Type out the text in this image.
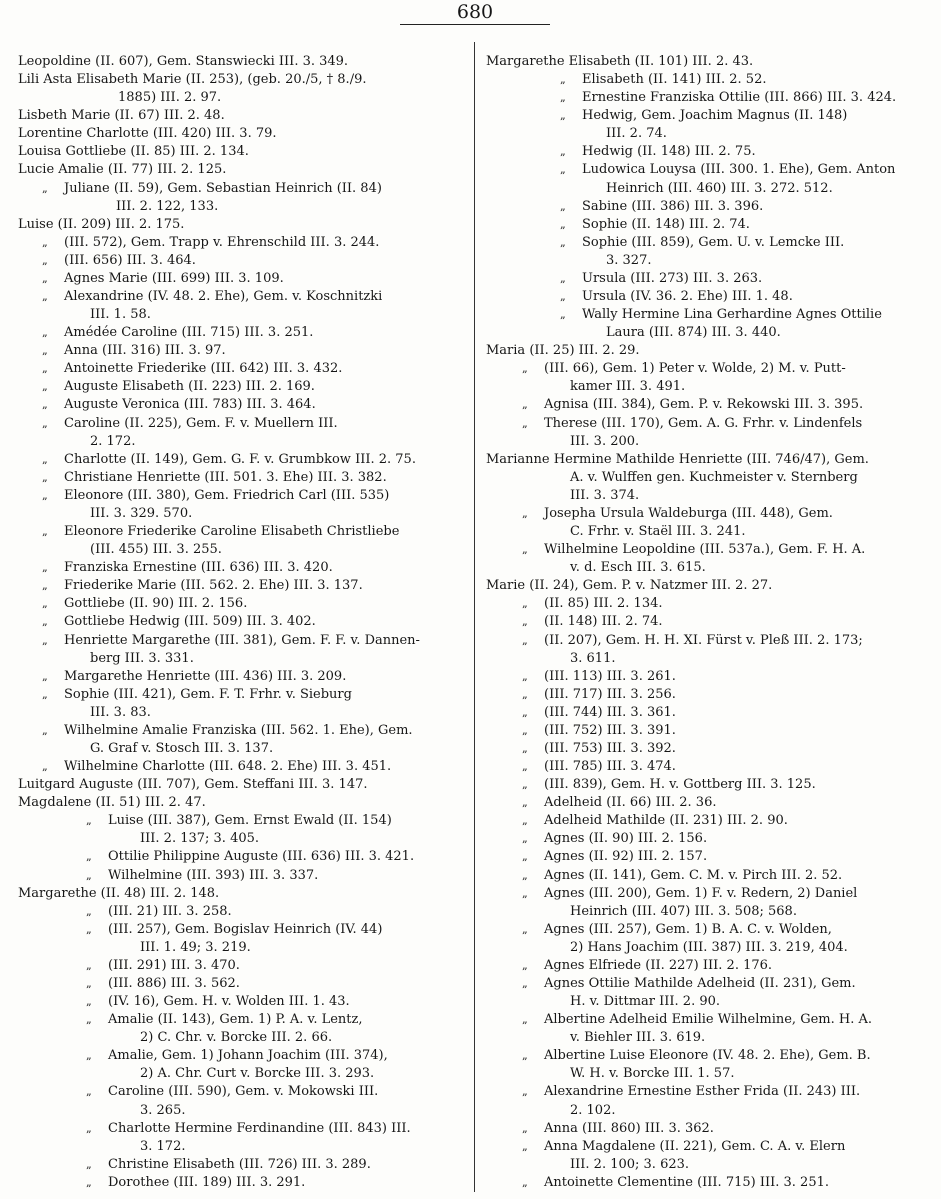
680
Leopoldine (II. 607), Gem. Stanswiecki III. 3. 349.
Lili Asta Elisabeth Marie (II. 253), (geb. 20./5, † 8./9.
1885) III. 2. 97.
Lisbeth Marie (II. 67) III. 2. 48.
Lorentine Charlotte (III. 420) III. 3. 79.
Louisa Gottliebe (II. 85) III. 2. 134.
Lucie Amalie (II. 77) III. 2. 125.
„ Juliane (II. 59), Gem. Sebastian Heinrich (II. 84)
III. 2. 122, 133.
Luise (II. 209) III. 2. 175.
„ (III. 572), Gem. Trapp v. Ehrenschild III. 3. 244.
„ (III. 656) III. 3. 464.
„ Agnes Marie (III. 699) III. 3. 109.
„ Alexandrine (IV. 48. 2. Ehe), Gem. v. Koschnitzki
III. 1. 58.
„ Amédée Caroline (III. 715) III. 3. 251.
„ Anna (III. 316) III. 3. 97.
„ Antoinette Friederike (III. 642) III. 3. 432.
„ Auguste Elisabeth (II. 223) III. 2. 169.
„ Auguste Veronica (III. 783) III. 3. 464.
„ Caroline (II. 225), Gem. F. v. Muellern III.
2. 172.
„ Charlotte (II. 149), Gem. G. F. v. Grumbkow III. 2. 75.
„ Christiane Henriette (III. 501. 3. Ehe) III. 3. 382.
„ Eleonore (III. 380), Gem. Friedrich Carl (III. 535)
III. 3. 329. 570.
„ Eleonore Friederike Caroline Elisabeth Christliebe
(III. 455) III. 3. 255.
„ Franziska Ernestine (III. 636) III. 3. 420.
„ Friederike Marie (III. 562. 2. Ehe) III. 3. 137.
„ Gottliebe (II. 90) III. 2. 156.
„ Gottliebe Hedwig (III. 509) III. 3. 402.
„ Henriette Margarethe (III. 381), Gem. F. F. v. Dannen-
berg III. 3. 331.
„ Margarethe Henriette (III. 436) III. 3. 209.
„ Sophie (III. 421), Gem. F. T. Frhr. v. Sieburg
III. 3. 83.
„ Wilhelmine Amalie Franziska (III. 562. 1. Ehe), Gem.
G. Graf v. Stosch III. 3. 137.
„ Wilhelmine Charlotte (III. 648. 2. Ehe) III. 3. 451.
Luitgard Auguste (III. 707), Gem. Steffani III. 3. 147.
Magdalene (II. 51) III. 2. 47.
„ Luise (III. 387), Gem. Ernst Ewald (II. 154)
III. 2. 137; 3. 405.
„ Ottilie Philippine Auguste (III. 636) III. 3. 421.
„ Wilhelmine (III. 393) III. 3. 337.
Margarethe (II. 48) III. 2. 148.
„ (III. 21) III. 3. 258.
„ (III. 257), Gem. Bogislav Heinrich (IV. 44)
III. 1. 49; 3. 219.
„ (III. 291) III. 3. 470.
„ (III. 886) III. 3. 562.
„ (IV. 16), Gem. H. v. Wolden III. 1. 43.
„ Amalie (II. 143), Gem. 1) P. A. v. Lentz,
2) C. Chr. v. Borcke III. 2. 66.
„ Amalie, Gem. 1) Johann Joachim (III. 374),
2) A. Chr. Curt v. Borcke III. 3. 293.
„ Caroline (III. 590), Gem. v. Mokowski III.
3. 265.
„ Charlotte Hermine Ferdinandine (III. 843) III.
3. 172.
„ Christine Elisabeth (III. 726) III. 3. 289.
„ Dorothee (III. 189) III. 3. 291.
Margarethe Elisabeth (II. 101) III. 2. 43.
„ Elisabeth (II. 141) III. 2. 52.
„ Ernestine Franziska Ottilie (III. 866) III. 3. 424.
„ Hedwig, Gem. Joachim Magnus (II. 148)
III. 2. 74.
„ Hedwig (II. 148) III. 2. 75.
„ Ludowica Louysa (III. 300. 1. Ehe), Gem. Anton
Heinrich (III. 460) III. 3. 272. 512.
„ Sabine (III. 386) III. 3. 396.
„ Sophie (II. 148) III. 2. 74.
„ Sophie (III. 859), Gem. U. v. Lemcke III.
3. 327.
„ Ursula (III. 273) III. 3. 263.
„ Ursula (IV. 36. 2. Ehe) III. 1. 48.
„ Wally Hermine Lina Gerhardine Agnes Ottilie
Laura (III. 874) III. 3. 440.
Maria (II. 25) III. 2. 29.
„ (III. 66), Gem. 1) Peter v. Wolde, 2) M. v. Putt-
kamer III. 3. 491.
„ Agnisa (III. 384), Gem. P. v. Rekowski III. 3. 395.
„ Therese (III. 170), Gem. A. G. Frhr. v. Lindenfels
III. 3. 200.
Marianne Hermine Mathilde Henriette (III. 746/47), Gem.
A. v. Wulffen gen. Kuchmeister v. Sternberg
III. 3. 374.
„ Josepha Ursula Waldeburga (III. 448), Gem.
C. Frhr. v. Staël III. 3. 241.
„ Wilhelmine Leopoldine (III. 537a.), Gem. F. H. A.
v. d. Esch III. 3. 615.
Marie (II. 24), Gem. P. v. Natzmer III. 2. 27.
„ (II. 85) III. 2. 134.
„ (II. 148) III. 2. 74.
„ (II. 207), Gem. H. H. XI. Fürst v. Pleß III. 2. 173;
3. 611.
„ (III. 113) III. 3. 261.
„ (III. 717) III. 3. 256.
„ (III. 744) III. 3. 361.
„ (III. 752) III. 3. 391.
„ (III. 753) III. 3. 392.
„ (III. 785) III. 3. 474.
„ (III. 839), Gem. H. v. Gottberg III. 3. 125.
„ Adelheid (II. 66) III. 2. 36.
„ Adelheid Mathilde (II. 231) III. 2. 90.
„ Agnes (II. 90) III. 2. 156.
„ Agnes (II. 92) III. 2. 157.
„ Agnes (II. 141), Gem. C. M. v. Pirch III. 2. 52.
„ Agnes (III. 200), Gem. 1) F. v. Redern, 2) Daniel
Heinrich (III. 407) III. 3. 508; 568.
„ Agnes (III. 257), Gem. 1) B. A. C. v. Wolden,
2) Hans Joachim (III. 387) III. 3. 219, 404.
„ Agnes Elfriede (II. 227) III. 2. 176.
„ Agnes Ottilie Mathilde Adelheid (II. 231), Gem.
H. v. Dittmar III. 2. 90.
„ Albertine Adelheid Emilie Wilhelmine, Gem. H. A.
v. Biehler III. 3. 619.
„ Albertine Luise Eleonore (IV. 48. 2. Ehe), Gem. B.
W. H. v. Borcke III. 1. 57.
„ Alexandrine Ernestine Esther Frida (II. 243) III.
2. 102.
„ Anna (III. 860) III. 3. 362.
„ Anna Magdalene (II. 221), Gem. C. A. v. Elern
III. 2. 100; 3. 623.
„ Antoinette Clementine (III. 715) III. 3. 251.
